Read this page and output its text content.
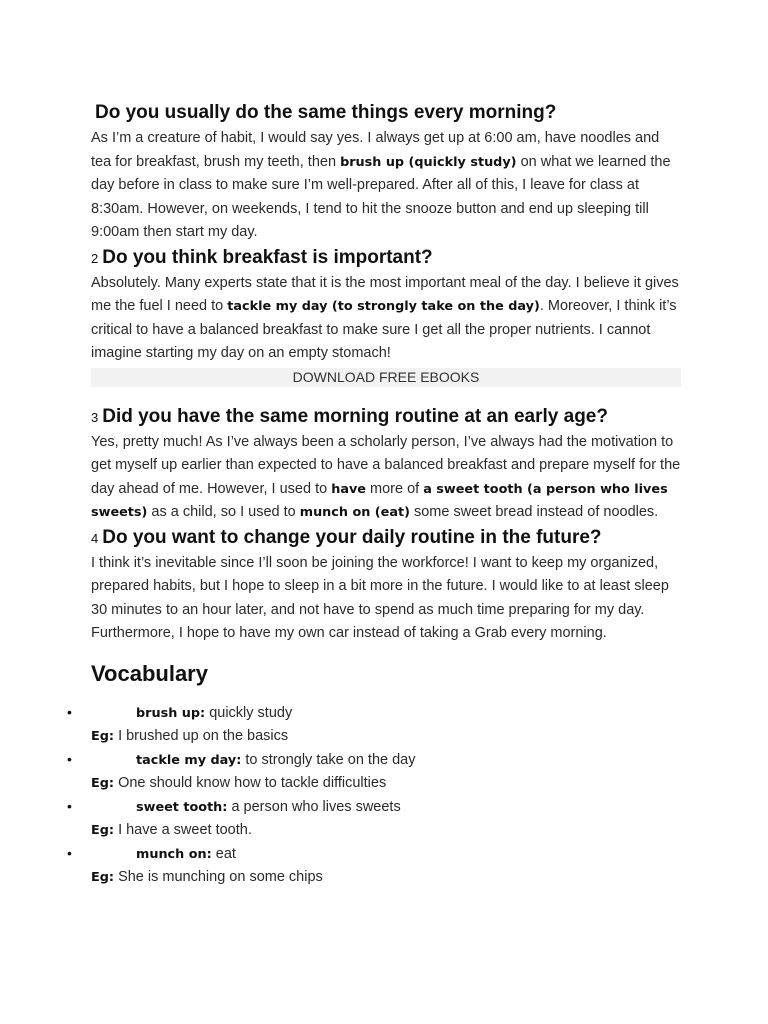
Do you usually do the same things every morning?

As I’m a creature of habit, I would say yes. I always get up at 6:00 am, have noodles and tea for breakfast, brush my teeth, then brush up (quickly study) on what we learned the day before in class to make sure I’m well-prepared. After all of this, I leave for class at 8:30am. However, on weekends, I tend to hit the snooze button and end up sleeping till 9:00am then start my day.

2 Do you think breakfast is important?

Absolutely. Many experts state that it is the most important meal of the day. I believe it gives me the fuel I need to tackle my day (to strongly take on the day). Moreover, I think it’s critical to have a balanced breakfast to make sure I get all the proper nutrients. I cannot imagine starting my day on an empty stomach!

DOWNLOAD FREE EBOOKS
3 Did you have the same morning routine at an early age?

Yes, pretty much! As I’ve always been a scholarly person, I’ve always had the motivation to get myself up earlier than expected to have a balanced breakfast and prepare myself for the day ahead of me. However, I used to have more of a sweet tooth (a person who lives sweets) as a child, so I used to munch on (eat) some sweet bread instead of noodles.

4 Do you want to change your daily routine in the future?

I think it’s inevitable since I’ll soon be joining the workforce! I want to keep my organized, prepared habits, but I hope to sleep in a bit more in the future. I would like to at least sleep 30 minutes to an hour later, and not have to spend as much time preparing for my day. Furthermore, I hope to have my own car instead of taking a Grab every morning.

Vocabulary
•	brush up: quickly study
Eg: I brushed up on the basics
•	tackle my day: to strongly take on the day
Eg: One should know how to tackle difficulties
•	sweet tooth: a person who lives sweets
Eg: I have a sweet tooth.
•	munch on: eat
Eg: She is munching on some chips
